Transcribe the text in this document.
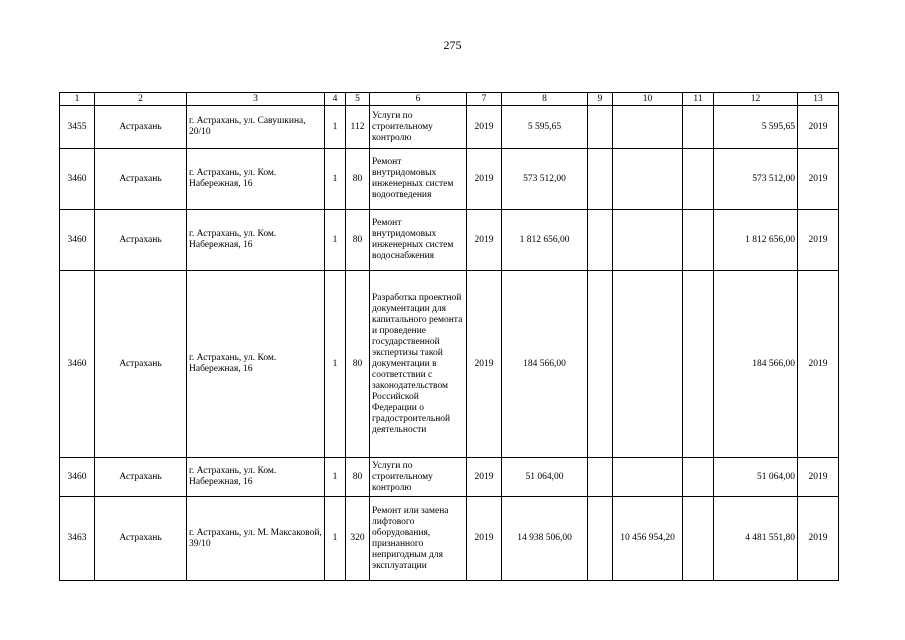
275
1	2	3	4	5	6	7	8	9	10	11	12	13
3455	Астрахань	г. Астрахань, ул. Савушкина, 20/10	1	112	Услуги по строительному контролю	2019	5 595,65				5 595,65	2019
3460	Астрахань	г. Астрахань, ул. Ком. Набережная, 16	1	80	Ремонт внутридомовых инженерных систем водоотведения	2019	573 512,00				573 512,00	2019
3460	Астрахань	г. Астрахань, ул. Ком. Набережная, 16	1	80	Ремонт внутридомовых инженерных систем водоснабжения	2019	1 812 656,00				1 812 656,00	2019
3460	Астрахань	г. Астрахань, ул. Ком. Набережная, 16	1	80	Разработка проектной документации для капитального ремонта и проведение государственной экспертизы такой документации в соответствии с законодательством Российской Федерации о градостроительной деятельности	2019	184 566,00				184 566,00	2019
3460	Астрахань	г. Астрахань, ул. Ком. Набережная, 16	1	80	Услуги по строительному контролю	2019	51 064,00				51 064,00	2019
3463	Астрахань	г. Астрахань, ул. М. Максаковой, 39/10	1	320	Ремонт или замена лифтового оборудования, признанного непригодным для эксплуатации	2019	14 938 506,00		10 456 954,20		4 481 551,80	2019
